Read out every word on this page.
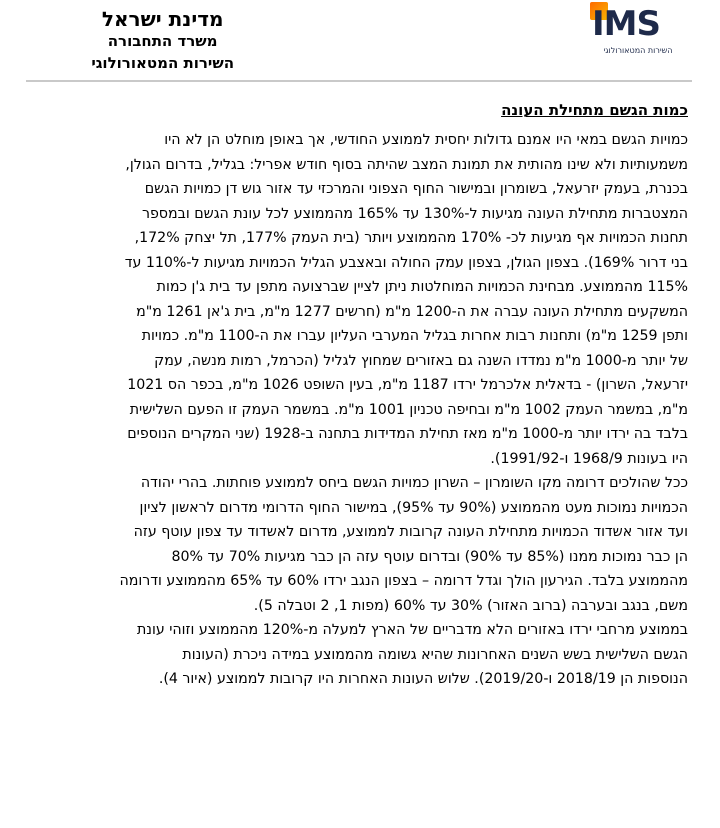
מדינת ישראל
משרד התחבורה
השירות המטאורולוגי
IMS
השירות המטאורולוגי
כמות הגשם מתחילת העונה
כמויות הגשם במאי היו אמנם גדולות יחסית לממוצע החודשי, אך באופן מוחלט הן לא היו
משמעותיות ולא שינו מהותית את תמונת המצב שהיתה בסוף חודש אפריל: בגליל, בדרום הגולן,
בכנרת, בעמק יזרעאל, בשומרון ובמישור החוף הצפוני והמרכזי עד אזור גוש דן כמויות הגשם
המצטברות מתחילת העונה מגיעות ל-130% עד 165% מהממוצע לכל עונת הגשם ובמספר
תחנות הכמויות אף מגיעות לכ- 170% מהממוצע ויותר (בית העמק 177%, תל יצחק 172%,
בני דרור 169%). בצפון הגולן, בצפון עמק החולה ובאצבע הגליל הכמויות מגיעות ל-110% עד
115% מהממוצע. מבחינת הכמויות המוחלטות ניתן לציין שברצועה מתפן עד בית ג'ן כמות
המשקעים מתחילת העונה עברה את ה-1200 מ"מ (חרשים 1277 מ"מ, בית ג'אן 1261 מ"מ
ותפן 1259 מ"מ) ותחנות רבות אחרות בגליל המערבי העליון עברו את ה-1100 מ"מ. כמויות
של יותר מ-1000 מ"מ נמדדו השנה גם באזורים שמחוץ לגליל (הכרמל, רמות מנשה, עמק
יזרעאל, השרון) - בדאלית אלכרמל ירדו 1187 מ"מ, בעין השופט 1026 מ"מ, בכפר הס 1021
מ"מ, במשמר העמק 1002 מ"מ ובחיפה טכניון 1001 מ"מ. במשמר העמק זו הפעם השלישית
בלבד בה ירדו יותר מ-1000 מ"מ מאז תחילת המדידות בתחנה ב-1928 (שני המקרים הנוספים
היו בעונות 1968/9 ו-1991/92).
ככל שהולכים דרומה מקו השומרון – השרון כמויות הגשם ביחס לממוצע פוחתות. בהרי יהודה
הכמויות נמוכות מעט מהממוצע (90% עד 95%), במישור החוף הדרומי מדרום לראשון לציון
ועד אזור אשדוד הכמויות מתחילת העונה קרובות לממוצע, מדרום לאשדוד עד צפון עוטף עזה
הן כבר נמוכות ממנו (85% עד 90%) ובדרום עוטף עזה הן כבר מגיעות 70% עד 80%
מהממוצע בלבד. הגירעון הולך וגדל דרומה – בצפון הנגב ירדו 60% עד 65% מהממוצע ודרומה
משם, בנגב ובערבה (ברוב האזור) 30% עד 60% (מפות 1, 2 וטבלה 5).
בממוצע מרחבי ירדו באזורים הלא מדבריים של הארץ למעלה מ-120% מהממוצע וזוהי עונת
הגשם השלישית בשש השנים האחרונות שהיא גשומה מהממוצע במידה ניכרת (העונות
הנוספות הן 2018/19 ו-2019/20). שלוש העונות האחרות היו קרובות לממוצע (איור 4).
